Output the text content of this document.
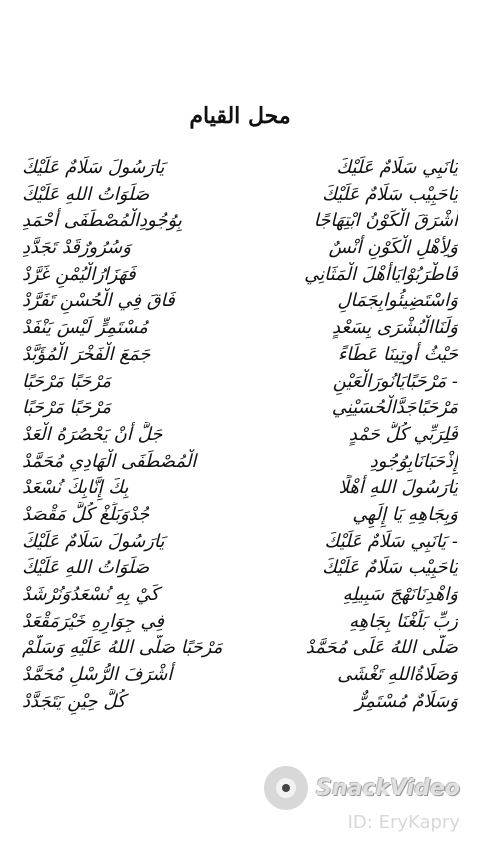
محل القيام
يَانَبِي سَلَامٌ عَلَيْكَ
يَارَسُولَ سَلَامٌ عَلَيْكَ
يَاحَبِيْب سَلَامٌ عَلَيْكَ
صَلَوَاتُ اللهِ عَلَيْكَ
أَشْرَقَ الْكَوْنُ ابْتِهَاجًا
بِوُجُودِالْمُصْطَفَى أَحْمَدِ
وَلِأَهْلِ الْكَوْنِ أُنْسٌ
وَسُرُورٌقَدْ تَجَدَّدِ
فَاطْرَبُوْايَاأَهْلَ الْمَثَانِي
فَهَزَارُالْيُمْنِ غَرَّدْ
وَاسْتَضِيئُوابِجَمَالِ
فَاقَ فِي الْحُسْنِ تَفَرَّدْ
وَلَنَاالْبُشْرَى بِسَعْدٍ
مُسْتَمِرٍّ لَيْسَ يَنْفَدْ
حَيْثُ أُوتِينَا عَطَاءً
جَمَعَ الْفَخْرَ الْمُؤَبَّدْ
- مَرْحَبًايَانُورَالْعَيْنِ
مَرْحَبًا مَرْحَبًا
مَرْحَبًاجَدَّالْحُسَيْنِي
مَرْحَبًا مَرْحَبًا
فَلِرَبِّي كُلُّ حَمْدٍ
جَلَّ أَنْ يَحْصُرَهُ الْعَدْ
إِذْحَبَانَابِوُجُودِ
الْمُصْطَفَى الْهَادِي مُحَمَّدْ
يَارَسُولَ اللهِ أَهْلًا
بِكَ إِنَّابِكَ نُسْعَدْ
وَبِجَاهِهِ يَا إِلَهِي
جُدْوَبَلِّغْ كُلَّ مَقْصَدْ
- يَانَبِي سَلَامٌ عَلَيْكَ
يَارَسُولَ سَلَامٌ عَلَيْكَ
يَاحَبِيْب سَلَامٌ عَلَيْكَ
صَلَوَاتُ اللهِ عَلَيْكَ
وَاهْدِنَانَهْجَ سَبِيلِهِ
كَيْ بِهِ نُسْعَدُوَنُرْشَدْ
رَبِّ بَلِّغْنَا بِجَاهِهِ
فِي جِوَارِهِ خَيْرَمَقْعَدْ
صَلَّى اللهُ عَلَى مُحَمَّدْ
مَرْحَبًا صَلَّى اللهُ عَلَيْهِ وَسَلَّمْ
وَصَلَاةُاللهِ تَغْشَى
أَشْرَفَ الرُّسْلِ مُحَمَّدْ
وَسَلَامٌ مُسْتَمِرٌّ
كُلَّ حِيْنٍ يَتَجَدَّدْ
SnackVideo
ID: EryKapry
